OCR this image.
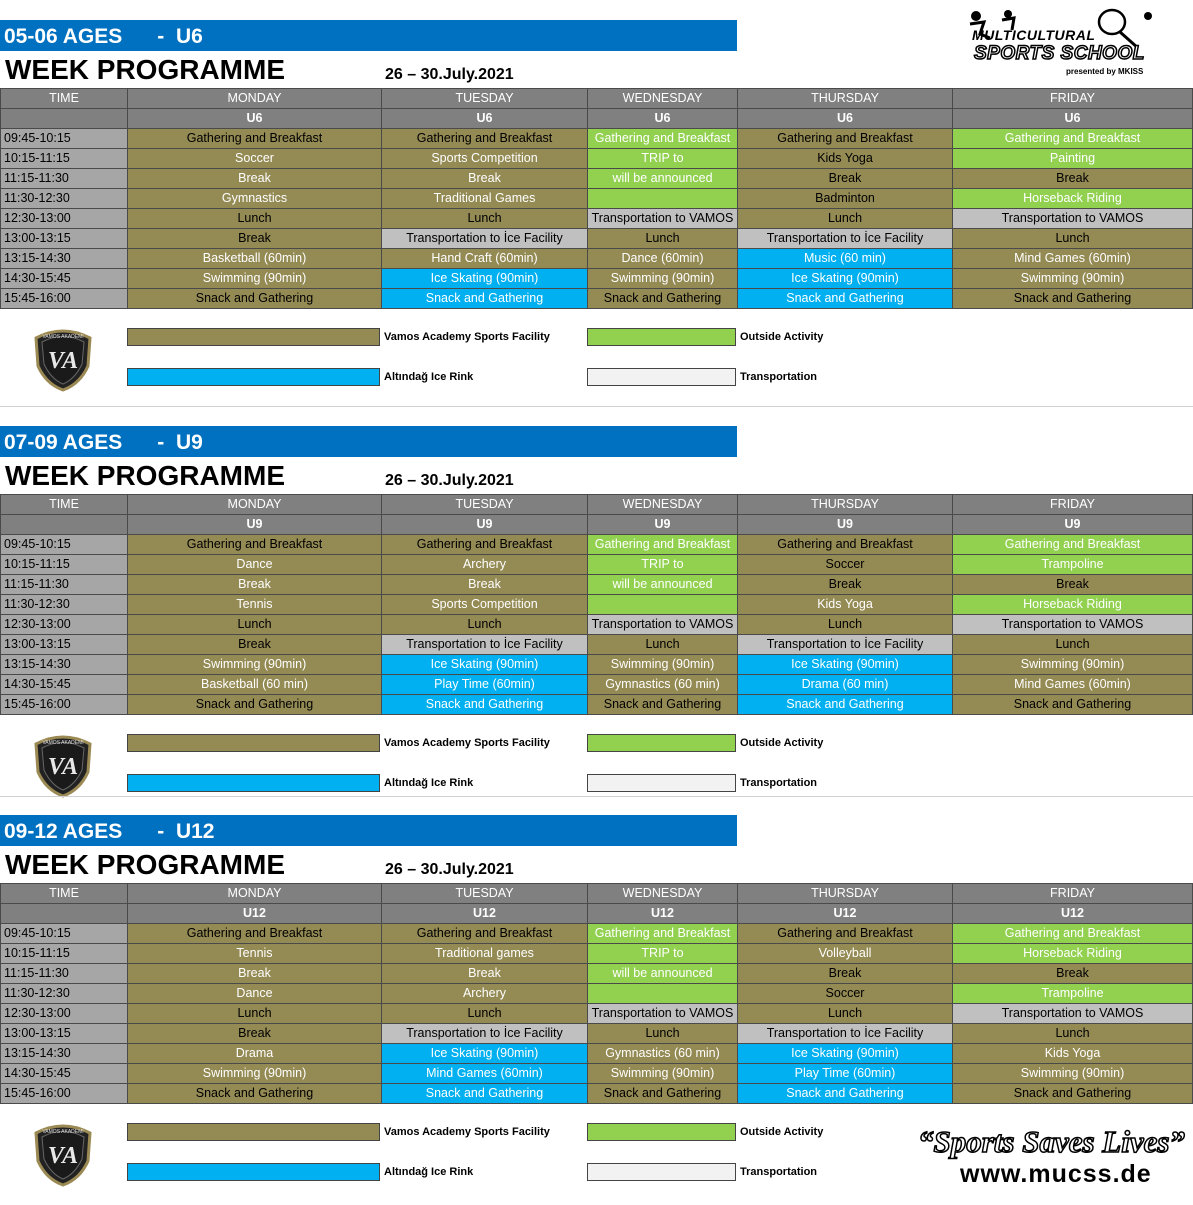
MULTICULTURAL
SPORTS SCHOOL
presented by MKISS
05-06 AGES      -  U6
WEEK PROGRAMME	26 – 30.July.2021
TIME	MONDAY	TUESDAY	WEDNESDAY	THURSDAY	FRIDAY
	U6	U6	U6	U6	U6
09:45-10:15	Gathering and Breakfast	Gathering and Breakfast	Gathering and Breakfast	Gathering and Breakfast	Gathering and Breakfast
10:15-11:15	Soccer	Sports Competition	TRIP to	Kids Yoga	Painting
11:15-11:30	Break	Break	will be announced	Break	Break
11:30-12:30	Gymnastics	Traditional Games		Badminton	Horseback Riding
12:30-13:00	Lunch	Lunch	Transportation to VAMOS	Lunch	Transportation to VAMOS
13:00-13:15	Break	Transportation to İce Facility	Lunch	Transportation to İce Facility	Lunch
13:15-14:30	Basketball (60min)	Hand Craft (60min)	Dance (60min)	Music (60 min)	Mind Games (60min)
14:30-15:45	Swimming (90min)	Ice Skating (90min)	Swimming (90min)	Ice Skating (90min)	Swimming (90min)
15:45-16:00	Snack and Gathering	Snack and Gathering	Snack and Gathering	Snack and Gathering	Snack and Gathering
VAMOS AKADEMI
VA
Vamos Academy Sports Facility	Outside Activity
Altındağ Ice Rink	Transportation
07-09 AGES      -  U9
WEEK PROGRAMME	26 – 30.July.2021
TIME	MONDAY	TUESDAY	WEDNESDAY	THURSDAY	FRIDAY
	U9	U9	U9	U9	U9
09:45-10:15	Gathering and Breakfast	Gathering and Breakfast	Gathering and Breakfast	Gathering and Breakfast	Gathering and Breakfast
10:15-11:15	Dance	Archery	TRIP to	Soccer	Trampoline
11:15-11:30	Break	Break	will be announced	Break	Break
11:30-12:30	Tennis	Sports Competition		Kids Yoga	Horseback Riding
12:30-13:00	Lunch	Lunch	Transportation to VAMOS	Lunch	Transportation to VAMOS
13:00-13:15	Break	Transportation to İce Facility	Lunch	Transportation to İce Facility	Lunch
13:15-14:30	Swimming (90min)	Ice Skating (90min)	Swimming (90min)	Ice Skating (90min)	Swimming (90min)
14:30-15:45	Basketball (60 min)	Play Time (60min)	Gymnastics (60 min)	Drama (60 min)	Mind Games (60min)
15:45-16:00	Snack and Gathering	Snack and Gathering	Snack and Gathering	Snack and Gathering	Snack and Gathering
VAMOS AKADEMI
VA
Vamos Academy Sports Facility	Outside Activity
Altındağ Ice Rink	Transportation
09-12 AGES      -  U12
WEEK PROGRAMME	26 – 30.July.2021
TIME	MONDAY	TUESDAY	WEDNESDAY	THURSDAY	FRIDAY
	U12	U12	U12	U12	U12
09:45-10:15	Gathering and Breakfast	Gathering and Breakfast	Gathering and Breakfast	Gathering and Breakfast	Gathering and Breakfast
10:15-11:15	Tennis	Traditional games	TRIP to	Volleyball	Horseback Riding
11:15-11:30	Break	Break	will be announced	Break	Break
11:30-12:30	Dance	Archery		Soccer	Trampoline
12:30-13:00	Lunch	Lunch	Transportation to VAMOS	Lunch	Transportation to VAMOS
13:00-13:15	Break	Transportation to İce Facility	Lunch	Transportation to İce Facility	Lunch
13:15-14:30	Drama	Ice Skating (90min)	Gymnastics (60 min)	Ice Skating (90min)	Kids Yoga
14:30-15:45	Swimming (90min)	Mind Games (60min)	Swimming (90min)	Play Time (60min)	Swimming (90min)
15:45-16:00	Snack and Gathering	Snack and Gathering	Snack and Gathering	Snack and Gathering	Snack and Gathering
VAMOS AKADEMI
VA
Vamos Academy Sports Facility	Outside Activity
Altındağ Ice Rink	Transportation
“Sports Saves Lives”
www.mucss.de
